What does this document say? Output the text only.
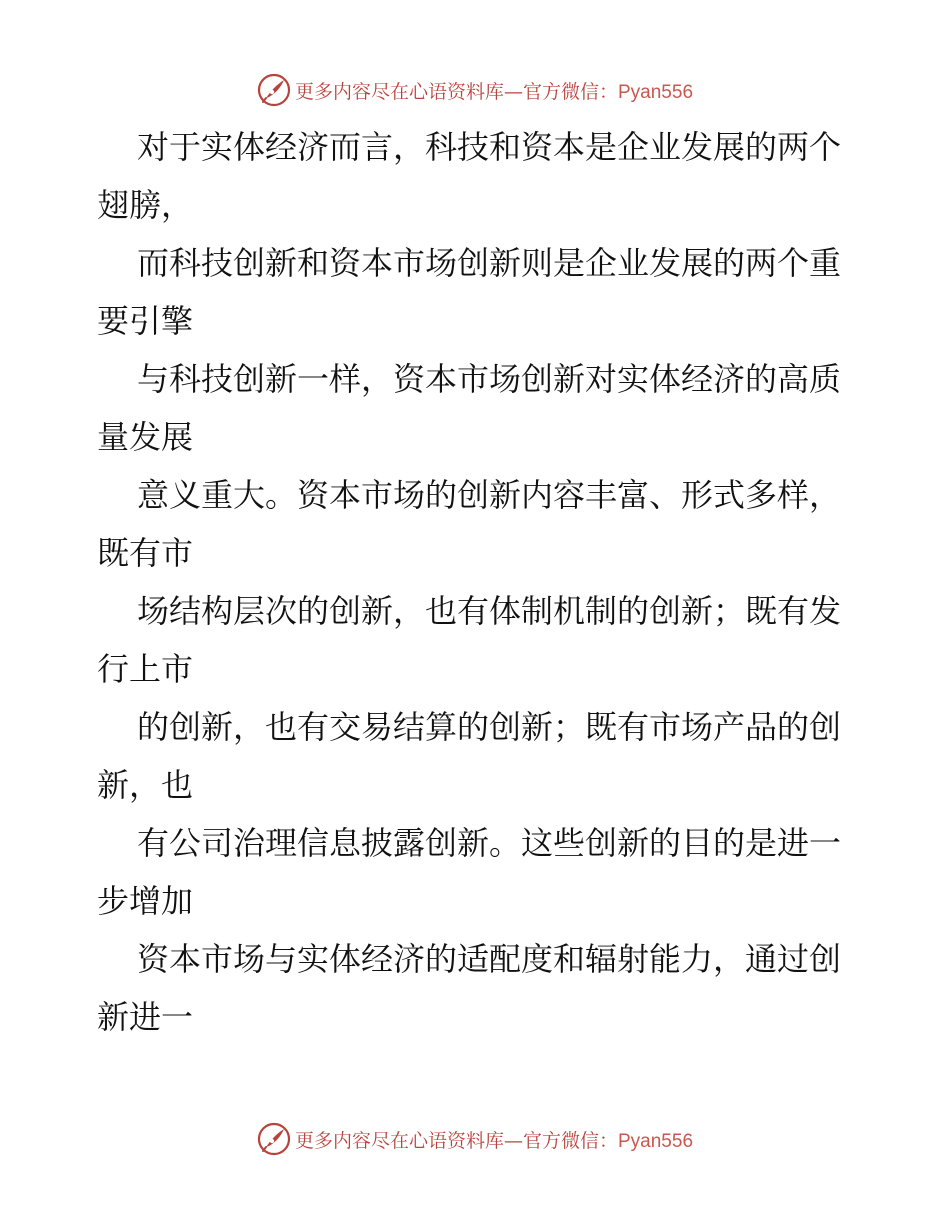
更多内容尽在心语资料库—官方微信：Pyan556

对于实体经济而言，科技和资本是企业发展的两个翅膀，

而科技创新和资本市场创新则是企业发展的两个重要引擎

与科技创新一样，资本市场创新对实体经济的高质量发展

意义重大。资本市场的创新内容丰富、形式多样，既有市

场结构层次的创新，也有体制机制的创新；既有发行上市

的创新，也有交易结算的创新；既有市场产品的创新，也

有公司治理信息披露创新。这些创新的目的是进一步增加

资本市场与实体经济的适配度和辐射能力，通过创新进一

更多内容尽在心语资料库—官方微信：Pyan556
